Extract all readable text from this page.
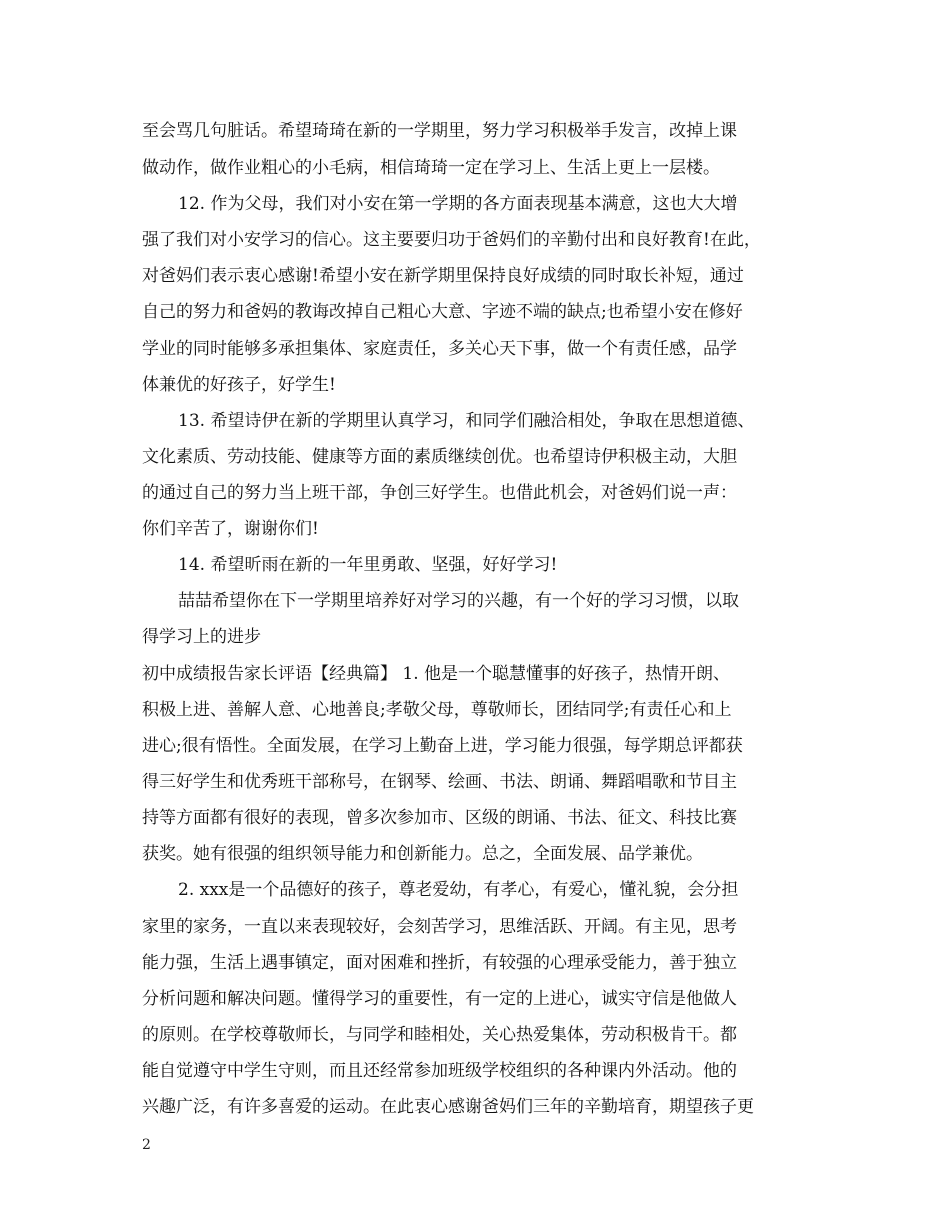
至会骂几句脏话。希望琦琦在新的一学期里，努力学习积极举手发言，改掉上课
做动作，做作业粗心的小毛病，相信琦琦一定在学习上、生活上更上一层楼。
12. 作为父母，我们对小安在第一学期的各方面表现基本满意，这也大大增
强了我们对小安学习的信心。这主要要归功于爸妈们的辛勤付出和良好教育!在此，
对爸妈们表示衷心感谢!希望小安在新学期里保持良好成绩的同时取长补短，通过
自己的努力和爸妈的教诲改掉自己粗心大意、字迹不端的缺点;也希望小安在修好
学业的同时能够多承担集体、家庭责任，多关心天下事，做一个有责任感，品学
体兼优的好孩子，好学生!
13. 希望诗伊在新的学期里认真学习，和同学们融洽相处，争取在思想道德、
文化素质、劳动技能、健康等方面的素质继续创优。也希望诗伊积极主动，大胆
的通过自己的努力当上班干部，争创三好学生。也借此机会，对爸妈们说一声：
你们辛苦了，谢谢你们!
14. 希望昕雨在新的一年里勇敢、坚强，好好学习!
喆喆希望你在下一学期里培养好对学习的兴趣，有一个好的学习习惯，以取
得学习上的进步
初中成绩报告家长评语【经典篇】 1. 他是一个聪慧懂事的好孩子，热情开朗、
积极上进、善解人意、心地善良;孝敬父母，尊敬师长，团结同学;有责任心和上
进心;很有悟性。全面发展，在学习上勤奋上进，学习能力很强，每学期总评都获
得三好学生和优秀班干部称号，在钢琴、绘画、书法、朗诵、舞蹈唱歌和节目主
持等方面都有很好的表现，曾多次参加市、区级的朗诵、书法、征文、科技比赛
获奖。她有很强的组织领导能力和创新能力。总之，全面发展、品学兼优。
2. xxx是一个品德好的孩子，尊老爱幼，有孝心，有爱心，懂礼貌，会分担
家里的家务，一直以来表现较好，会刻苦学习，思维活跃、开阔。有主见，思考
能力强，生活上遇事镇定，面对困难和挫折，有较强的心理承受能力，善于独立
分析问题和解决问题。懂得学习的重要性，有一定的上进心，诚实守信是他做人
的原则。在学校尊敬师长，与同学和睦相处，关心热爱集体，劳动积极肯干。都
能自觉遵守中学生守则，而且还经常参加班级学校组织的各种课内外活动。他的
兴趣广泛，有许多喜爱的运动。在此衷心感谢爸妈们三年的辛勤培育，期望孩子更
2
